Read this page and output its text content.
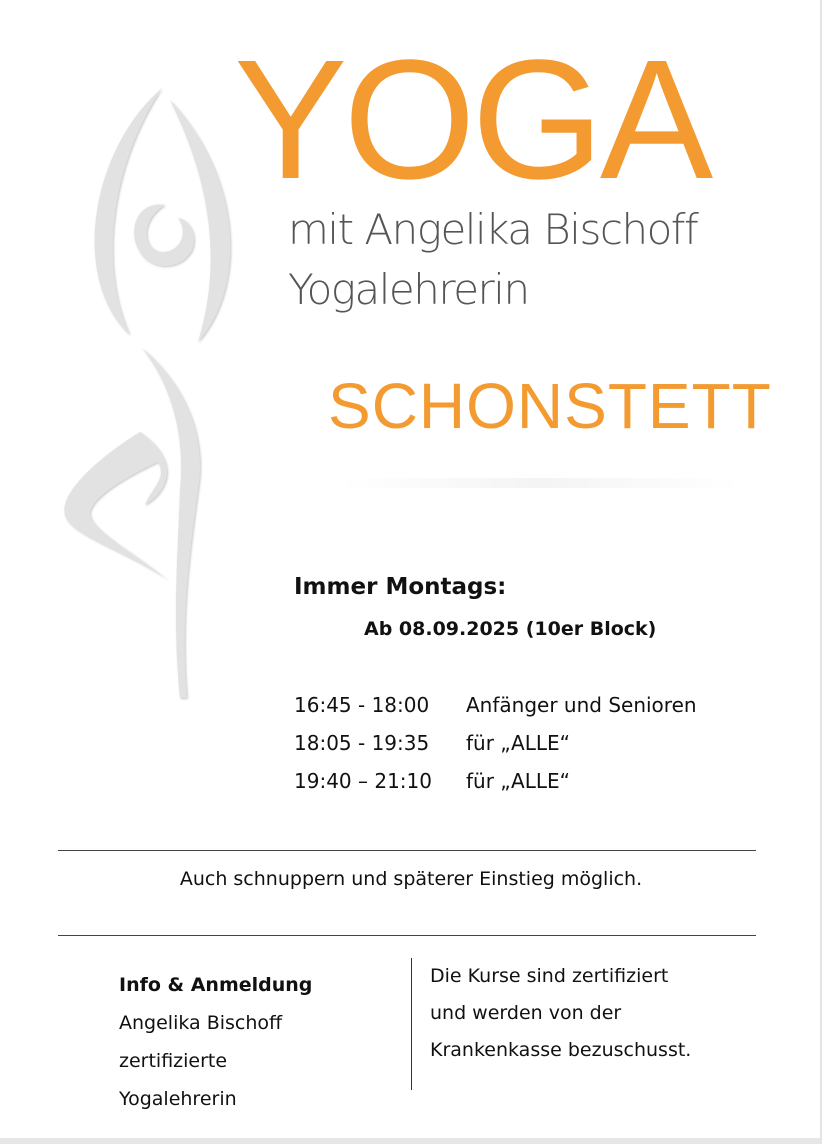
YOGA
mit Angelika Bischoff
Yogalehrerin
SCHONSTETT
Immer Montags:
Ab 08.09.2025 (10er Block)
16:45 - 18:00	Anfänger und Senioren
18:05 - 19:35	für „ALLE“
19:40 – 21:10	für „ALLE“
Auch schnuppern und späterer Einstieg möglich.
Info & Anmeldung
Angelika Bischoff
zertifizierte
Yogalehrerin
Die Kurse sind zertifiziert
und werden von der
Krankenkasse bezuschusst.
